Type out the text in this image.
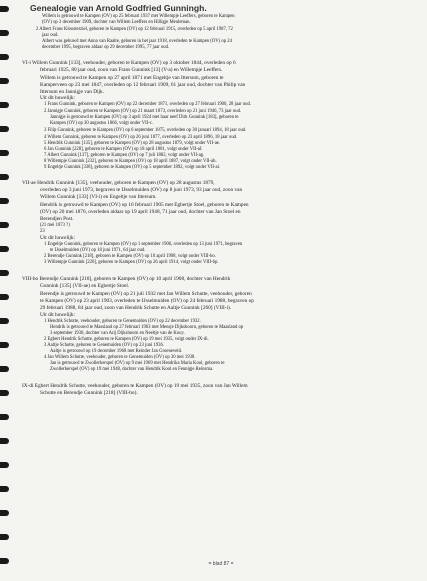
Genealogie van Arnold Godfried Gunningh.
Willem is getrouwd te Kampen (OV) op 25 februari 1937 met Willempje Leeffers, geboren te Kampen
(OV) op 3 december 1909, dochter van Willem Leeffers en Hilligje Meuleman.
2 Albert Frans Kloosterziel, geboren te Kampen (OV) op 12 februari 1915, overleden op 5 april 1987, 72
jaar oud.
Albert was gehuwd met Anna van Raalte, geboren in het jaar 1918, overleden te Kampen (OV) op 24
december 1995, begraven aldaar op 29 december 1995, 77 jaar oud.
VI-i Willem Gunnink [133], veehouder, geboren te Kampen (OV) op 3 oktober 1844, overleden op 6
februari 1925, 80 jaar oud, zoon van Frans Gunnink [13] (V-a) en Willempje Leeffers.
Willem is getrouwd te Kampen op 27 april 1871 met Engeltje van Ittersum, geboren te
Kamperveen op 23 mei 1847, overleden op 12 februari 1909, 61 jaar oud, dochter van Philip van
Ittersum en Jannigje van Dijk.
Uit dit huwelijk:
1 Frans Gunnink, geboren te Kampen (OV) op 22 december 1871, overleden op 27 februari 1900, 28 jaar oud.
2 Jannigje Gunnink, geboren te Kampen (OV) op 21 maart 1873, overleden op 21 juni 1946, 73 jaar oud.
Jannigje is getrouwd te Kampen (OV) op 3 april 1924 met haar neef Dirk Gunnink [183], geboren te
Kampen (OV) op 30 augustus 1866, volgt onder VII-c.
3 Filip Gunnink, geboren te Kampen (OV) op 6 september 1875, overleden op 30 januari 1894, 18 jaar oud.
4 Willem Gunnink, geboren te Kampen (OV) op 26 juni 1877, overleden op 23 april 1896, 18 jaar oud.
5 Hendrik Gunnink [135], geboren te Kampen (OV) op 28 augustus 1879, volgt onder VII-ae.
6 Jan Gunnink [228], geboren te Kampen (OV) op 18 april 1881, volgt onder VII-af.
7 Albert Gunnink [137], geboren te Kampen (OV) op 7 juli 1882, volgt onder VII-ag.
8 Willempje Gunnink [232], geboren te Kampen (OV) op 18 april 1887, volgt onder VII-ah.
9 Engeltje Gunnink [338], geboren te Kampen (OV) op 5 september 1892, volgt onder VII-ai.
VII-ae Hendrik Gunnink [135], veehouder, geboren te Kampen (OV) op 28 augustus 1879,
overleden op 3 juni 1973, begraven te IJsselmuiden (OV) op 8 juni 1973, 93 jaar oud, zoon van
Willem Gunnink [133] (VI-i) en Engeltje van Ittersum.
Hendrik is getrouwd te Kampen (OV) op 16 februari 1905 met Egbertje Stoel, geboren te Kampen
(OV) op 20 mei 1876, overleden aldaar op 19 april 1948, 71 jaar oud, dochter van Jan Stoel en
Berendjen Post.
(21 mei 1873 ?)
23
Uit dit huwelijk:
1 Engeltje Gunnink, geboren te Kampen (OV) op 1 september 1906, overleden op 13 juni 1971, begraven
te IJsselmuiden (OV) op 18 juni 1971, 64 jaar oud.
2 Berendje Gunnink [218], geboren te Kampen (OV) op 10 april 1908, volgt onder VIII-bo.
3 Willempje Gunnink [220], geboren te Kampen (OV) op 26 april 1914, volgt onder VIII-bp.
VIII-bo Berendje Gunnink [218], geboren te Kampen (OV) op 10 april 1908, dochter van Hendrik
Gunnink [135] (VII-ae) en Egbertje Stoel.
Berendje is getrouwd te Kampen (OV) op 21 juli 1932 met Jan Willem Schutte, veehouder, geboren
te Kampen (OV) op 23 april 1903, overleden te IJsselmuiden (OV) op 24 februari 1988, begraven op
29 februari 1988, 84 jaar oud, zoon van Hendrik Schutte en Aaltje Gunnink [260] (VIII-i).
Uit dit huwelijk:
1 Hendrik Schutte, veehouder, geboren te Genemuiden (OV) op 22 december 1932.
Hendrik is getrouwd te Massland op 27 februari 1963 met Mensje Dijkshoorn, geboren te Maasland op
3 september 1930, dochter van Arij Dijkshoorn en Neeltje van de Kooy.
2 Egbert Hendrik Schutte, geboren te Kampen (OV) op 19 mei 1935, volgt onder IX-di.
3 Aaltje Schutte, geboren te Genemuiden (OV) op 23 juni 1936.
Aaltje is getrouwd op 19 december 1968 met Reinder Jan Groeneveld.
4 Jan Willem Schutte, veehouder, geboren te Genemuiden (OV) op 30 mei 1938.
Jan is getrouwd te Zwollerkerspel (OV) op 9 mei 1969 met Hendrika Maria Kool, geboren te
Zwollerkerspel (OV) op 19 mei 1948, dochter van Hendrik Kool en Fennigje Reinsma.
IX-di Egbert Hendrik Schutte, veehouder, geboren te Kampen (OV) op 19 mei 1935, zoon van Jan Willem
Schutte en Berendje Gunnink [218] (VIII-bo).
= blad 87 =
